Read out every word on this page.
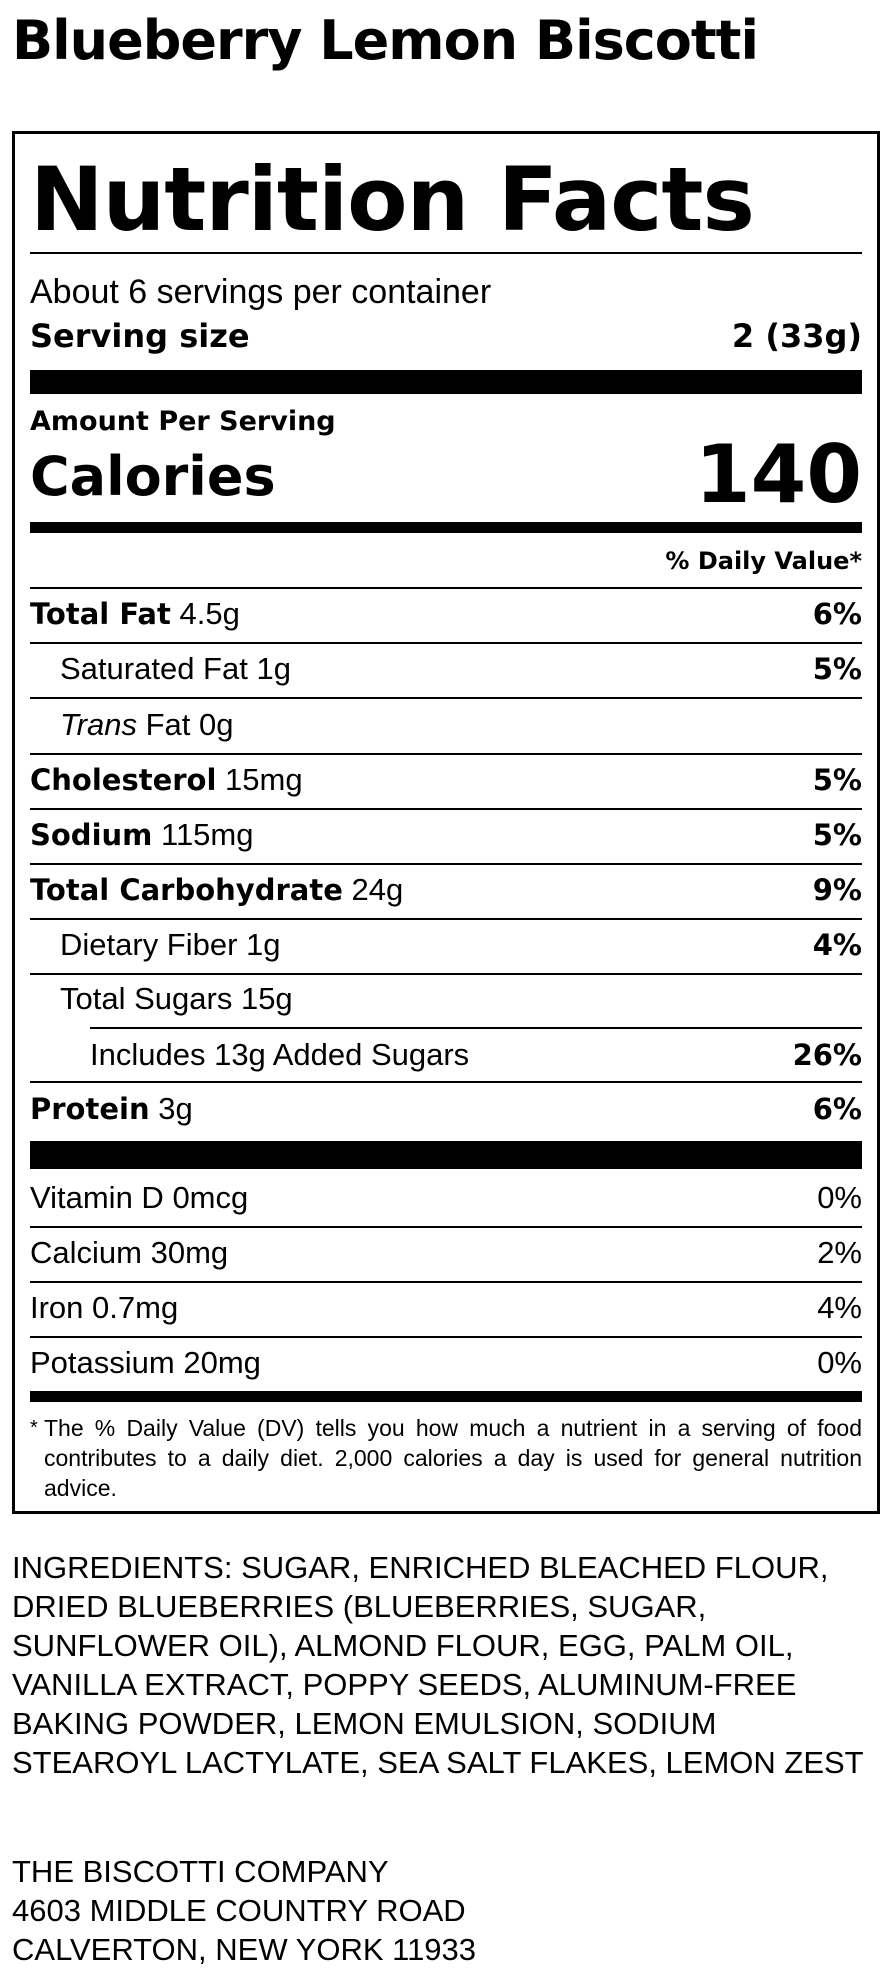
Blueberry Lemon Biscotti
Nutrition Facts
About 6 servings per container
Serving size	2 (33g)
Amount Per Serving
Calories	140
% Daily Value*
Total Fat 4.5g	6%
Saturated Fat 1g	5%
Trans Fat 0g
Cholesterol 15mg	5%
Sodium 115mg	5%
Total Carbohydrate 24g	9%
Dietary Fiber 1g	4%
Total Sugars 15g
Includes 13g Added Sugars	26%
Protein 3g	6%
Vitamin D 0mcg	0%
Calcium 30mg	2%
Iron 0.7mg	4%
Potassium 20mg	0%
* The % Daily Value (DV) tells you how much a nutrient in a serving of food contributes to a daily diet. 2,000 calories a day is used for general nutrition advice.
INGREDIENTS: SUGAR, ENRICHED BLEACHED FLOUR, DRIED BLUEBERRIES (BLUEBERRIES, SUGAR, SUNFLOWER OIL), ALMOND FLOUR, EGG, PALM OIL, VANILLA EXTRACT, POPPY SEEDS, ALUMINUM-FREE BAKING POWDER, LEMON EMULSION, SODIUM STEAROYL LACTYLATE, SEA SALT FLAKES, LEMON ZEST
THE BISCOTTI COMPANY
4603 MIDDLE COUNTRY ROAD
CALVERTON, NEW YORK 11933
